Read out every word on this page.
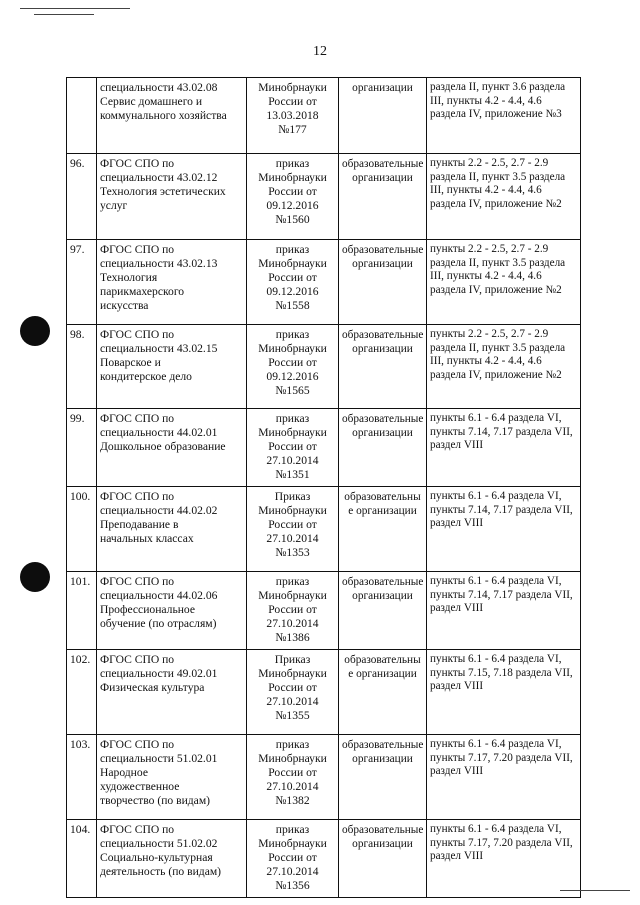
12

	специальности 43.02.08
Сервис домашнего и
коммунального хозяйства	Минобрнауки
России от
13.03.2018
№177	организации	раздела II, пункт 3.6 раздела III, пункты 4.2 - 4.4, 4.6 раздела IV, приложение №3
96.	ФГОС СПО по
специальности 43.02.12
Технология эстетических
услуг	приказ
Минобрнауки
России от
09.12.2016
№1560	образовательные
организации	пункты 2.2 - 2.5, 2.7 - 2.9 раздела II, пункт 3.5 раздела III, пункты 4.2 - 4.4, 4.6 раздела IV, приложение №2
97.	ФГОС СПО по
специальности 43.02.13
Технология
парикмахерского
искусства	приказ
Минобрнауки
России от
09.12.2016 №1558	образовательные
организации	пункты 2.2 - 2.5, 2.7 - 2.9 раздела II, пункт 3.5 раздела III, пункты 4.2 - 4.4, 4.6 раздела IV, приложение №2
98.	ФГОС СПО по
специальности 43.02.15
Поварское и
кондитерское дело	приказ
Минобрнауки
России от
09.12.2016
№1565	образовательные
организации	пункты 2.2 - 2.5, 2.7 - 2.9 раздела II, пункт 3.5 раздела III, пункты 4.2 - 4.4, 4.6 раздела IV, приложение №2
99.	ФГОС СПО по
специальности 44.02.01
Дошкольное образование	приказ
Минобрнауки
России от
27.10.2014 №1351	образовательные
организации	пункты 6.1 - 6.4 раздела VI, пункты 7.14, 7.17 раздела VII, раздел VIII
100.	ФГОС СПО по
специальности 44.02.02
Преподавание в
начальных классах	Приказ
Минобрнауки
России от
27.10.2014
№1353	образовательны
е организации	пункты 6.1 - 6.4 раздела VI, пункты 7.14, 7.17 раздела VII, раздел VIII
101.	ФГОС СПО по
специальности 44.02.06
Профессиональное
обучение (по отраслям)	приказ
Минобрнауки
России от
27.10.2014 №1386	образовательные
организации	пункты 6.1 - 6.4 раздела VI, пункты 7.14, 7.17 раздела VII, раздел VIII
102.	ФГОС СПО по
специальности 49.02.01
Физическая культура	Приказ
Минобрнауки
России от
27.10.2014
№1355	образовательны
е организации	пункты 6.1 - 6.4 раздела VI, пункты 7.15, 7.18 раздела VII, раздел VIII
103.	ФГОС СПО по
специальности 51.02.01
Народное
художественное
творчество (по видам)	приказ
Минобрнауки
России от
27.10.2014 №1382	образовательные
организации	пункты 6.1 - 6.4 раздела VI, пункты 7.17, 7.20 раздела VII, раздел VIII
104.	ФГОС СПО по
специальности 51.02.02
Социально-культурная
деятельность (по видам)	приказ
Минобрнауки
России от
27.10.2014 №1356	образовательные
организации	пункты 6.1 - 6.4 раздела VI, пункты 7.17, 7.20 раздела VII, раздел VIII
